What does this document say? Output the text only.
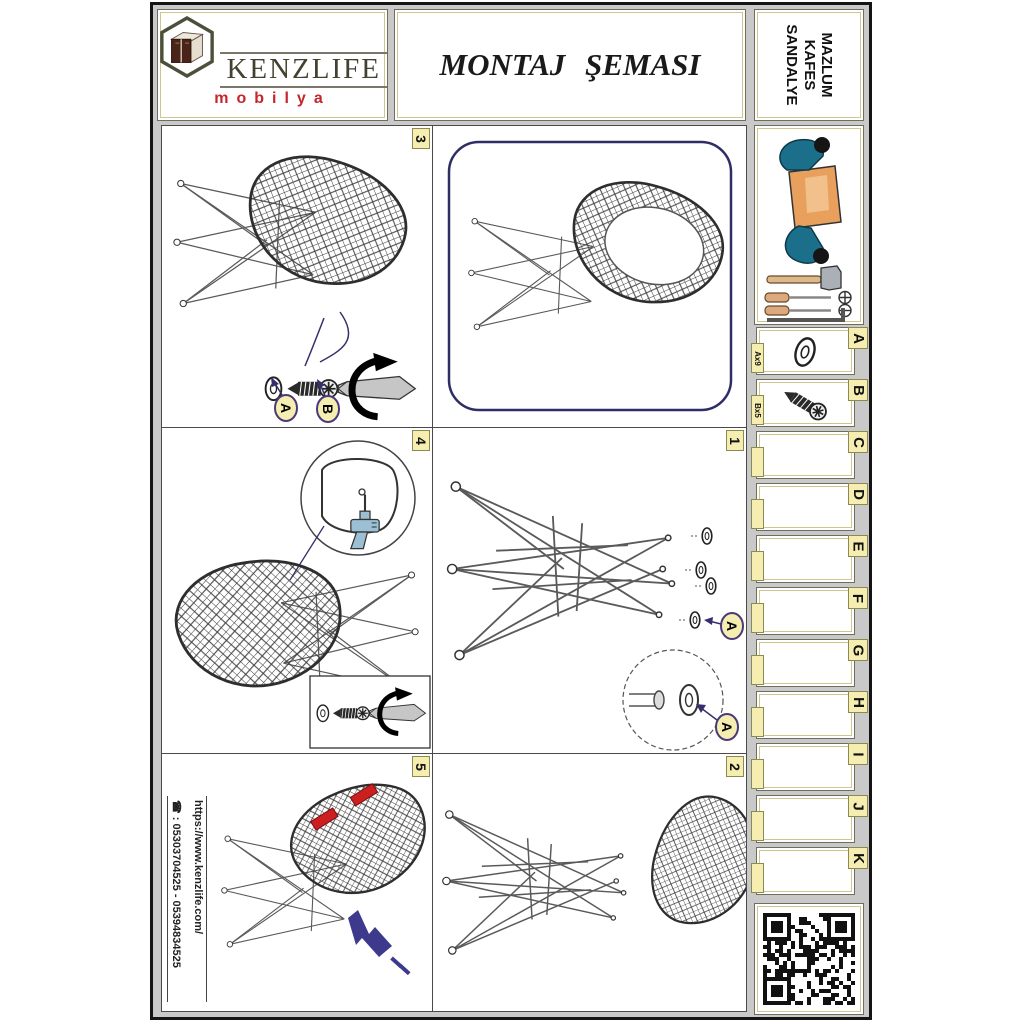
KENZLIFE
mobilya
MONTAJ ŞEMASI	MAZLUM
KAFES
SANDALYE
A
Ax9
B
Bx5
C
D
E
F
G
H
I
J
K
3
A B
4	1
A
A
5
https://www.kenzlife.com/
☎ : 05303704525 - 05394834525
2
